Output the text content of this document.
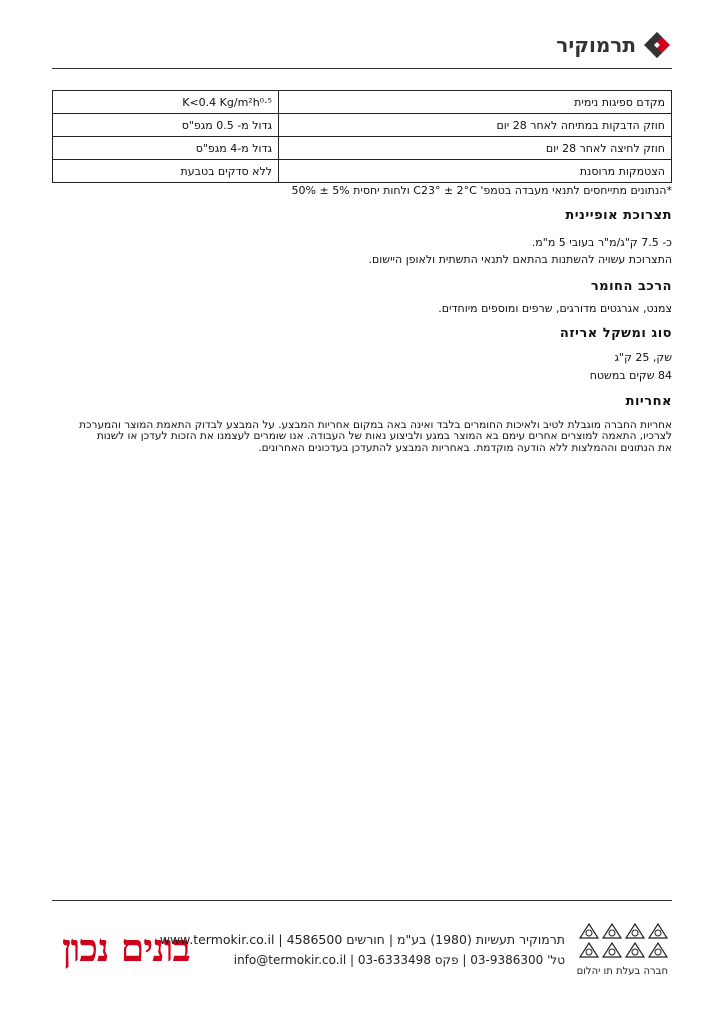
תרמוקיר
מקדם ספיגות נימית	K<0.4 Kg/m²h⁰·⁵
חוזק הדבקות במתיחה לאחר 28 יום	גדול מ- 0.5 מגפ"ס
חוזק לחיצה לאחר 28 יום	גדול מ-4 מגפ"ס
הצטמקות מרוסנת	ללא סדקים בטבעת
*הנתונים מתייחסים לתנאי מעבדה בטמפ' C23° ± 2°C ולחות יחסית 5% ± 50%
תצרוכת אופיינית
כ- 7.5 ק"ג/מ"ר בעובי 5 מ"מ.
התצרוכת עשויה להשתנות בהתאם לתנאי התשתית ולאופן היישום.
הרכב החומר
צמנט, אגרגטים מדורגים, שרפים ומוספים מיוחדים.
סוג ומשקל אריזה
שק, 25 ק"ג
84 שקים במשטח
אחריות
אחריות החברה מוגבלת לטיב ולאיכות החומרים בלבד ואינה באה במקום אחריות המבצע. על המבצע לבדוק התאמת המוצר והמערכת
לצרכיו, התאמה למוצרים אחרים עימם בא המוצר במגע ולביצוע נאות של העבודה. אנו שומרים לעצמנו את הזכות לעדכן או לשנות
את הנתונים וההמלצות ללא הודעה מוקדמת. באחריות המבצע להתעדכן בעדכונים האחרונים.
בונים נכון
תרמוקיר תעשיות (1980) בע"מ | חורשים 4586500 | www.termokir.co.il
טל' 03-9386300 | פקס 03-6333498 | info@termokir.co.il
חברה בעלת תו יהלום
